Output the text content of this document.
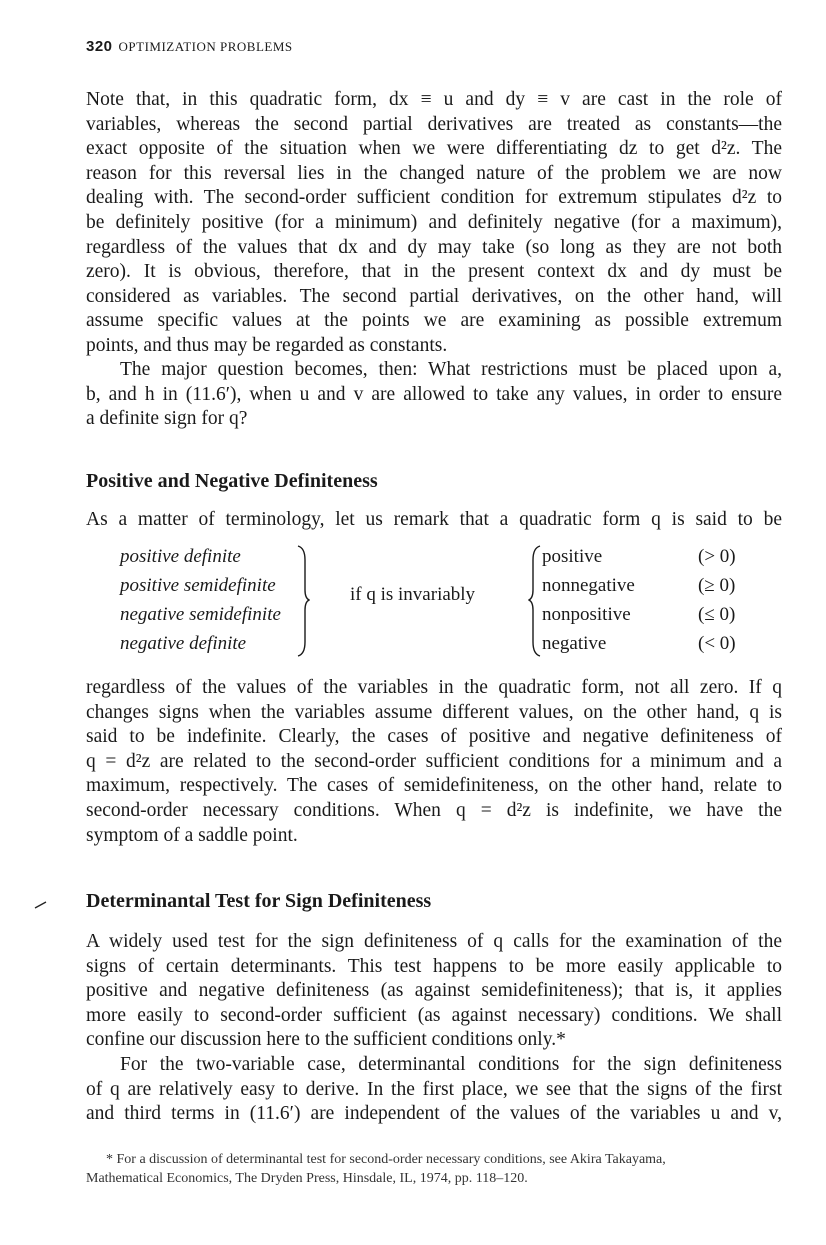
320 OPTIMIZATION PROBLEMS
Note that, in this quadratic form, dx ≡ u and dy ≡ v are cast in the role of
variables, whereas the second partial derivatives are treated as constants—the
exact opposite of the situation when we were differentiating dz to get d²z. The
reason for this reversal lies in the changed nature of the problem we are now
dealing with. The second-order sufficient condition for extremum stipulates d²z to
be definitely positive (for a minimum) and definitely negative (for a maximum),
regardless of the values that dx and dy may take (so long as they are not both
zero). It is obvious, therefore, that in the present context dx and dy must be
considered as variables. The second partial derivatives, on the other hand, will
assume specific values at the points we are examining as possible extremum
points, and thus may be regarded as constants.
The major question becomes, then: What restrictions must be placed upon a,
b, and h in (11.6′), when u and v are allowed to take any values, in order to ensure
a definite sign for q?
Positive and Negative Definiteness
As a matter of terminology, let us remark that a quadratic form q is said to be
positive definite
positive semidefinite
negative semidefinite
negative definite
if q is invariably
positive
nonnegative
nonpositive
negative
(> 0)
(≥ 0)
(≤ 0)
(< 0)
regardless of the values of the variables in the quadratic form, not all zero. If q
changes signs when the variables assume different values, on the other hand, q is
said to be indefinite. Clearly, the cases of positive and negative definiteness of
q = d²z are related to the second-order sufficient conditions for a minimum and a
maximum, respectively. The cases of semidefiniteness, on the other hand, relate to
second-order necessary conditions. When q = d²z is indefinite, we have the
symptom of a saddle point.
Determinantal Test for Sign Definiteness
A widely used test for the sign definiteness of q calls for the examination of the
signs of certain determinants. This test happens to be more easily applicable to
positive and negative definiteness (as against semidefiniteness); that is, it applies
more easily to second-order sufficient (as against necessary) conditions. We shall
confine our discussion here to the sufficient conditions only.*
For the two-variable case, determinantal conditions for the sign definiteness
of q are relatively easy to derive. In the first place, we see that the signs of the first
and third terms in (11.6′) are independent of the values of the variables u and v,
* For a discussion of determinantal test for second-order necessary conditions, see Akira Takayama,
Mathematical Economics, The Dryden Press, Hinsdale, IL, 1974, pp. 118–120.
